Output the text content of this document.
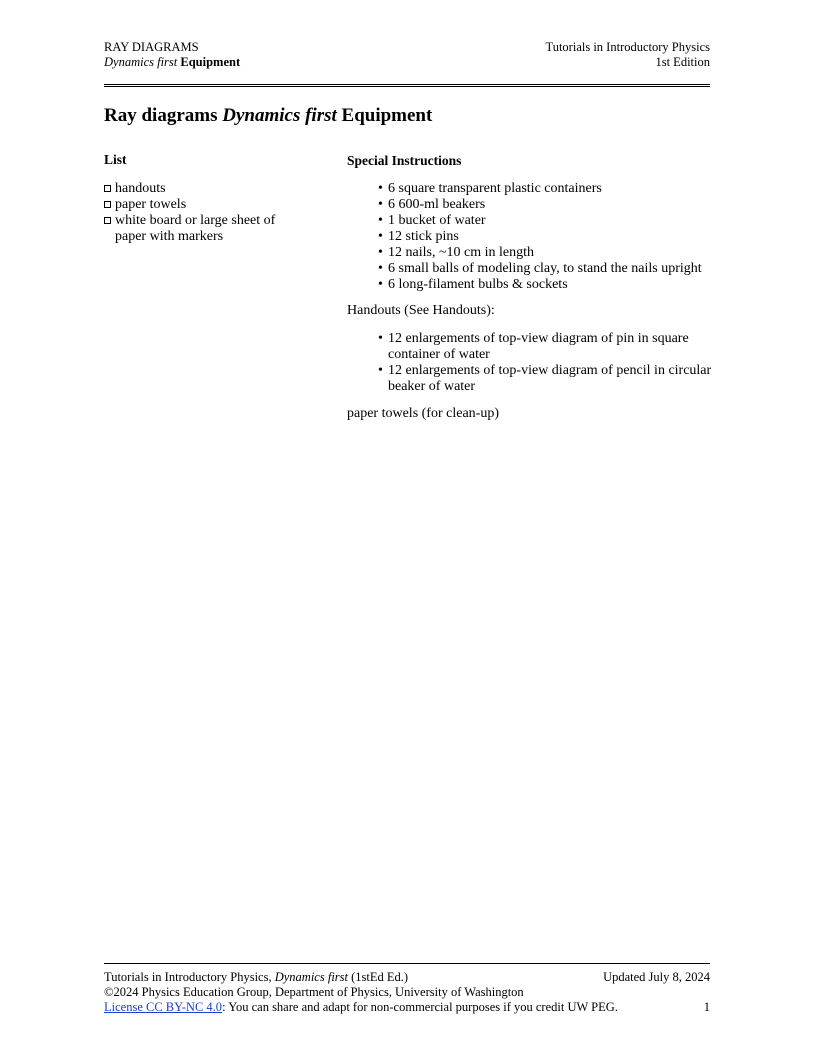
RAY DIAGRAMS
Dynamics first Equipment
Tutorials in Introductory Physics
1st Edition
Ray diagrams Dynamics first Equipment

List

handouts
paper towels
white board or large sheet of paper with markers

Special Instructions

• 6 square transparent plastic containers
• 6 600-ml beakers
• 1 bucket of water
• 12 stick pins
• 12 nails, ~10 cm in length
• 6 small balls of modeling clay, to stand the nails upright
• 6 long-filament bulbs & sockets

Handouts (See Handouts):

• 12 enlargements of top-view diagram of pin in square container of water
• 12 enlargements of top-view diagram of pencil in circular beaker of water

paper towels (for clean-up)

Tutorials in Introductory Physics, Dynamics first (1stEd Ed.)	Updated July 8, 2024
©2024 Physics Education Group, Department of Physics, University of Washington
License CC BY-NC 4.0: You can share and adapt for non-commercial purposes if you credit UW PEG.	1
